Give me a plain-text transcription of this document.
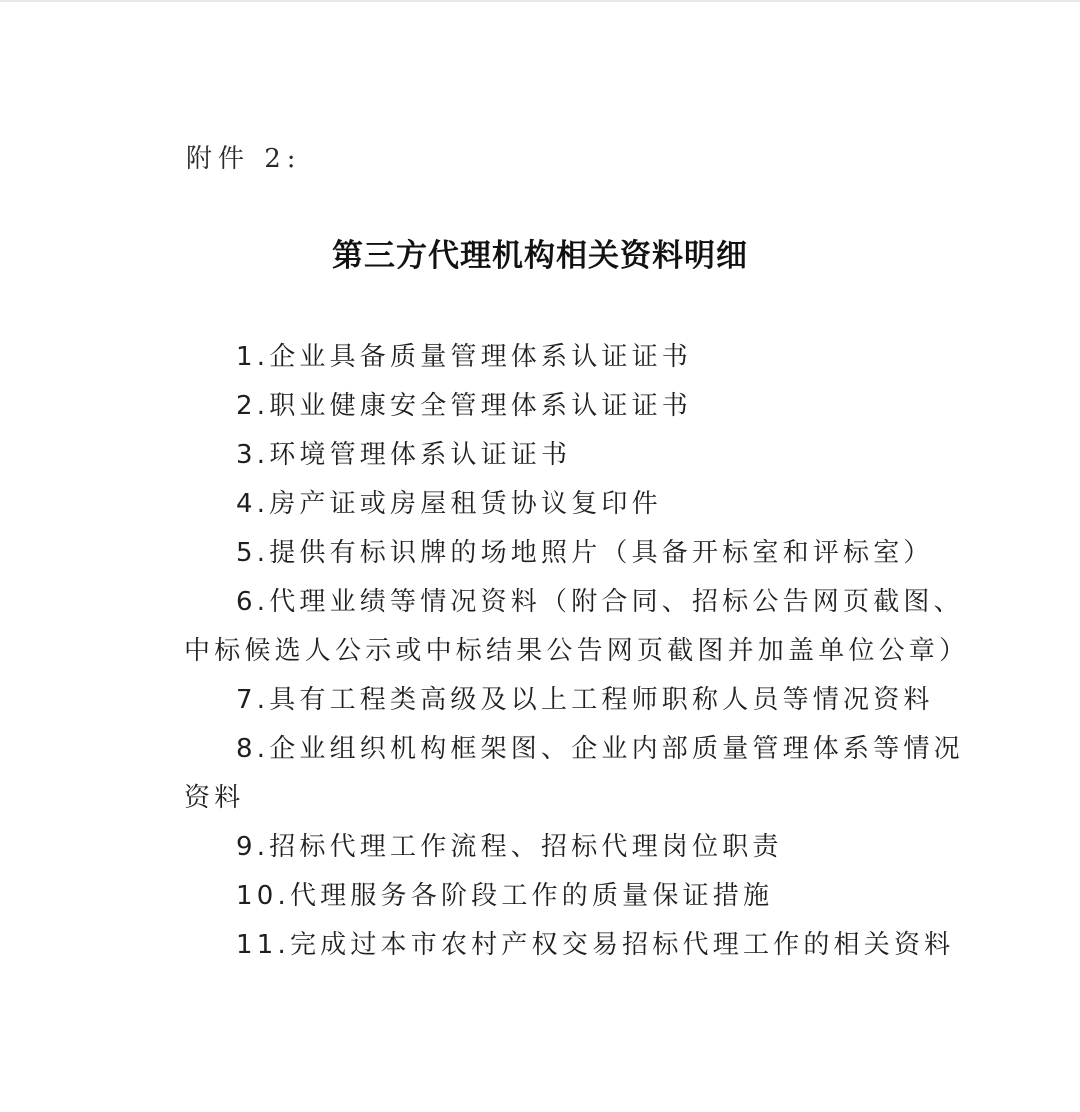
附件 2:
第三方代理机构相关资料明细
1.企业具备质量管理体系认证证书
2.职业健康安全管理体系认证证书
3.环境管理体系认证证书
4.房产证或房屋租赁协议复印件
5.提供有标识牌的场地照片（具备开标室和评标室）
6.代理业绩等情况资料（附合同、招标公告网页截图、
中标候选人公示或中标结果公告网页截图并加盖单位公章）
7.具有工程类高级及以上工程师职称人员等情况资料
8.企业组织机构框架图、企业内部质量管理体系等情况
资料
9.招标代理工作流程、招标代理岗位职责
10.代理服务各阶段工作的质量保证措施
11.完成过本市农村产权交易招标代理工作的相关资料
